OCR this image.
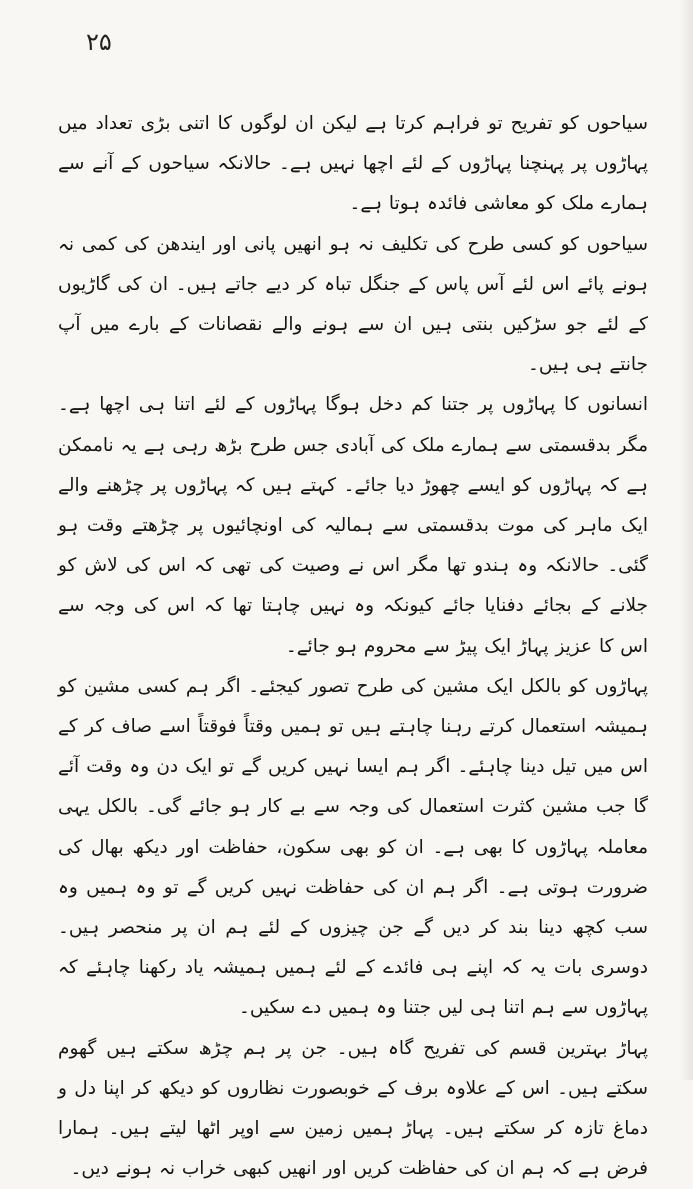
۲۵

سیاحوں کو تفریح تو فراہم کرتا ہے لیکن ان لوگوں کا اتنی بڑی تعداد میں پہاڑوں پر پہنچنا پہاڑوں کے لئے اچھا نہیں ہے۔ حالانکہ سیاحوں کے آنے سے ہمارے ملک کو معاشی فائدہ ہوتا ہے۔

سیاحوں کو کسی طرح کی تکلیف نہ ہو انھیں پانی اور ایندھن کی کمی نہ ہونے پائے اس لئے آس پاس کے جنگل تباہ کر دیے جاتے ہیں۔ ان کی گاڑیوں کے لئے جو سڑکیں بنتی ہیں ان سے ہونے والے نقصانات کے بارے میں آپ جانتے ہی ہیں۔

انسانوں کا پہاڑوں پر جتنا کم دخل ہوگا پہاڑوں کے لئے اتنا ہی اچھا ہے۔ مگر بدقسمتی سے ہمارے ملک کی آبادی جس طرح بڑھ رہی ہے یہ ناممکن ہے کہ پہاڑوں کو ایسے چھوڑ دیا جائے۔ کہتے ہیں کہ پہاڑوں پر چڑھنے والے ایک ماہر کی موت بدقسمتی سے ہمالیہ کی اونچائیوں پر چڑھتے وقت ہو گئی۔ حالانکہ وہ ہندو تھا مگر اس نے وصیت کی تھی کہ اس کی لاش کو جلانے کے بجائے دفنایا جائے کیونکہ وہ نہیں چاہتا تھا کہ اس کی وجہ سے اس کا عزیز پہاڑ ایک پیڑ سے محروم ہو جائے۔

پہاڑوں کو بالکل ایک مشین کی طرح تصور کیجئے۔ اگر ہم کسی مشین کو ہمیشہ استعمال کرتے رہنا چاہتے ہیں تو ہمیں وقتاً فوقتاً اسے صاف کر کے اس میں تیل دینا چاہئے۔ اگر ہم ایسا نہیں کریں گے تو ایک دن وہ وقت آئے گا جب مشین کثرت استعمال کی وجہ سے بے کار ہو جائے گی۔ بالکل یہی معاملہ پہاڑوں کا بھی ہے۔ ان کو بھی سکون، حفاظت اور دیکھ بھال کی ضرورت ہوتی ہے۔ اگر ہم ان کی حفاظت نہیں کریں گے تو وہ ہمیں وہ سب کچھ دینا بند کر دیں گے جن چیزوں کے لئے ہم ان پر منحصر ہیں۔ دوسری بات یہ کہ اپنے ہی فائدے کے لئے ہمیں ہمیشہ یاد رکھنا چاہئے کہ پہاڑوں سے ہم اتنا ہی لیں جتنا وہ ہمیں دے سکیں۔

پہاڑ بہترین قسم کی تفریح گاہ ہیں۔ جن پر ہم چڑھ سکتے ہیں گھوم سکتے ہیں۔ اس کے علاوہ برف کے خوبصورت نظاروں کو دیکھ کر اپنا دل و دماغ تازہ کر سکتے ہیں۔ پہاڑ ہمیں زمین سے اوپر اٹھا لیتے ہیں۔ ہمارا فرض ہے کہ ہم ان کی حفاظت کریں اور انھیں کبھی خراب نہ ہونے دیں۔
